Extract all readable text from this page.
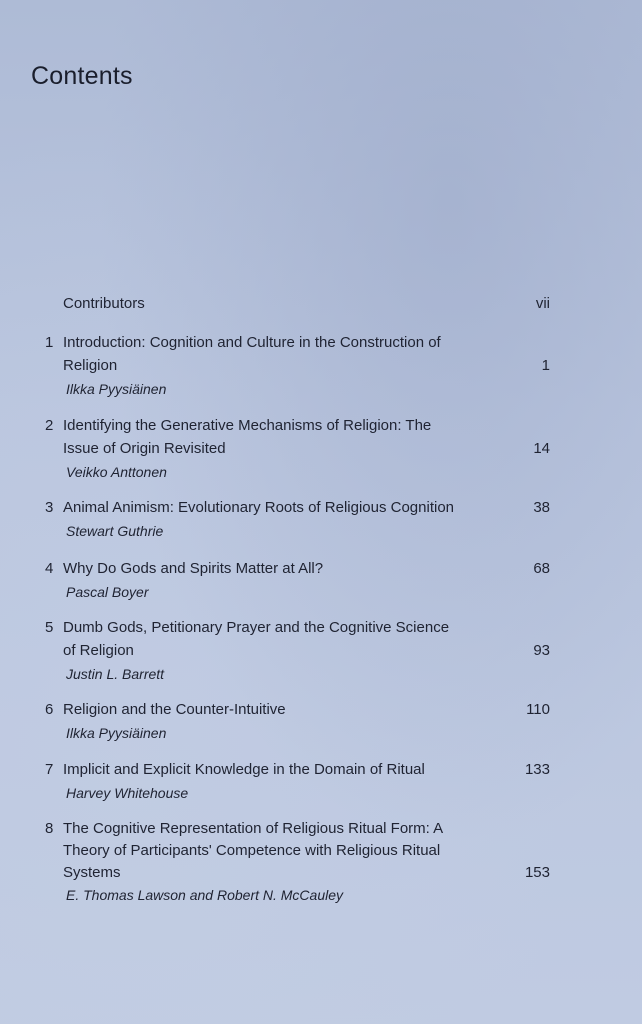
Contents
Contributors	vii
1 Introduction: Cognition and Culture in the Construction of
Religion	1
Ilkka Pyysiäinen
2 Identifying the Generative Mechanisms of Religion: The
Issue of Origin Revisited	14
Veikko Anttonen
3 Animal Animism: Evolutionary Roots of Religious Cognition	38
Stewart Guthrie
4 Why Do Gods and Spirits Matter at All?	68
Pascal Boyer
5 Dumb Gods, Petitionary Prayer and the Cognitive Science
of Religion	93
Justin L. Barrett
6 Religion and the Counter-Intuitive	110
Ilkka Pyysiäinen
7 Implicit and Explicit Knowledge in the Domain of Ritual	133
Harvey Whitehouse
8 The Cognitive Representation of Religious Ritual Form: A
Theory of Participants' Competence with Religious Ritual
Systems	153
E. Thomas Lawson and Robert N. McCauley
